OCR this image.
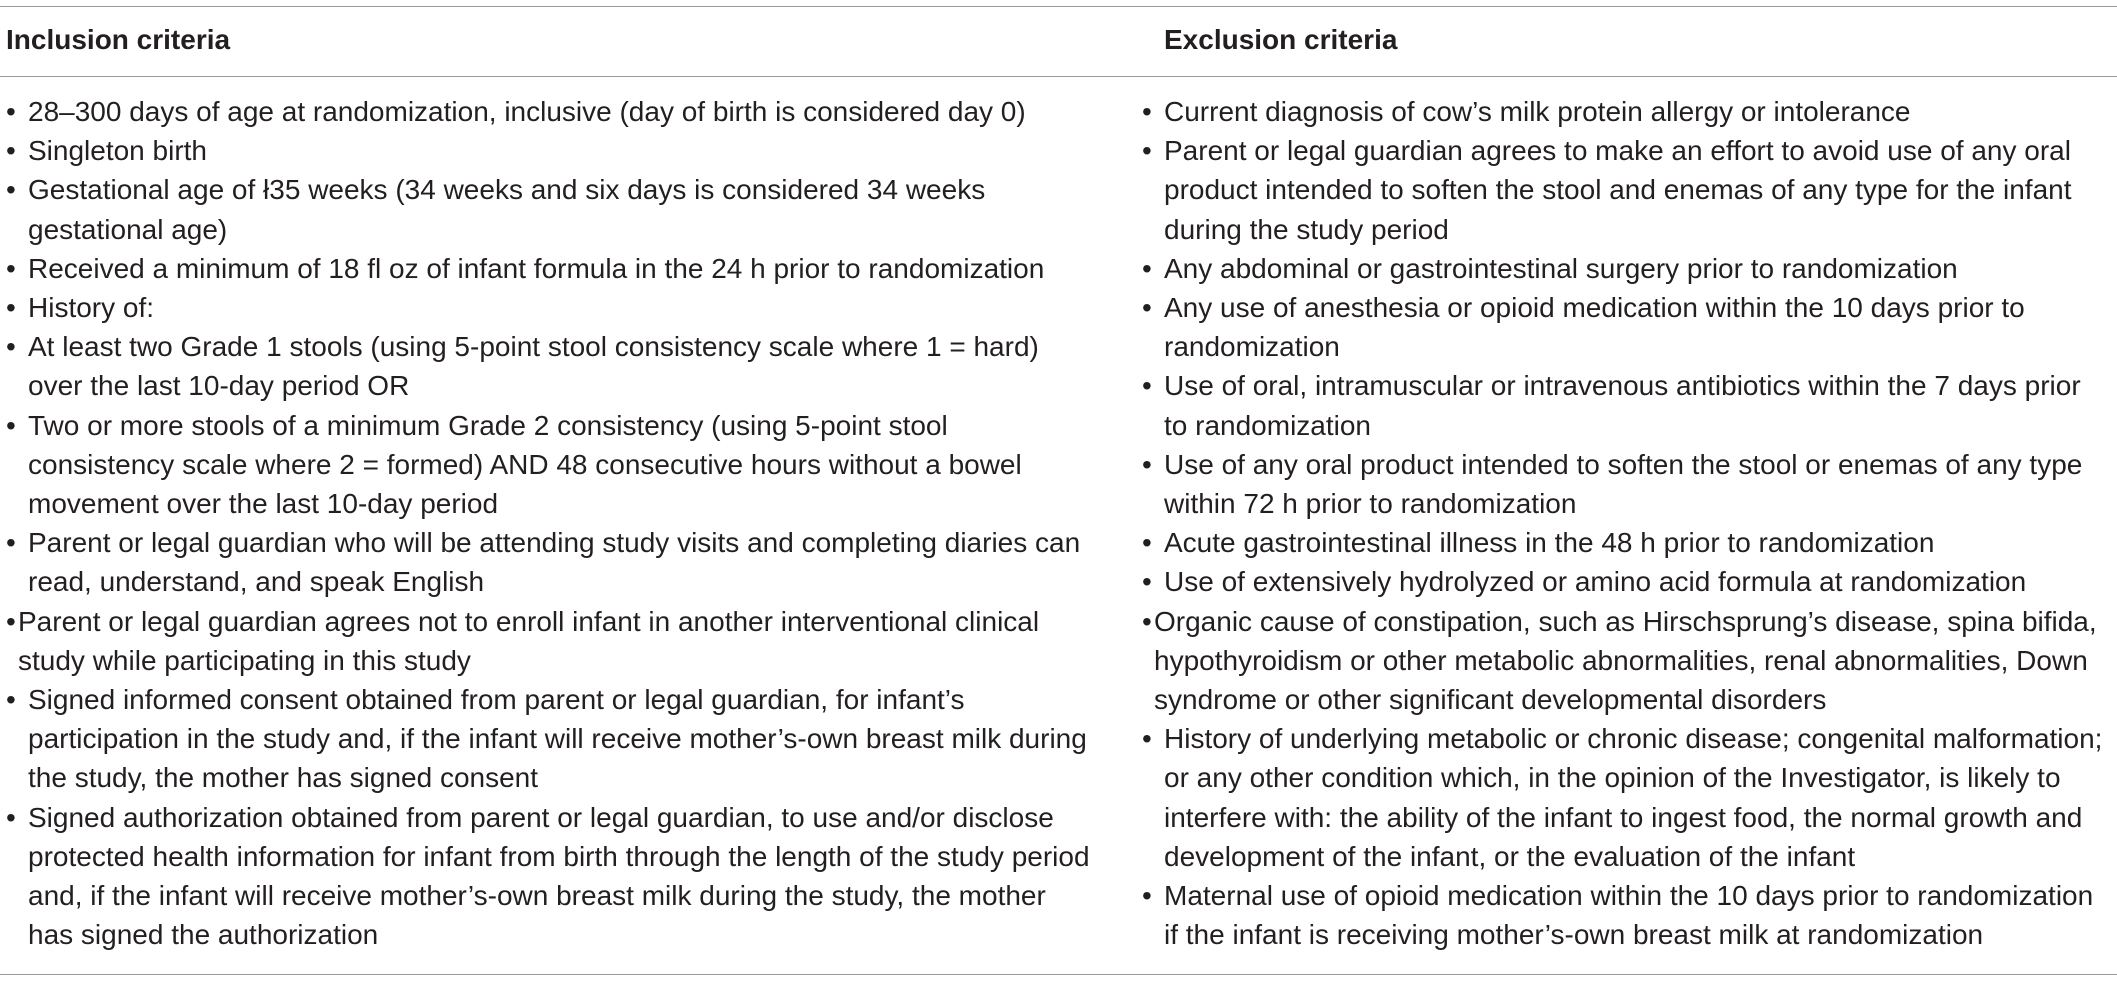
Inclusion criteria	Exclusion criteria
• 28–300 days of age at randomization, inclusive (day of birth is considered day 0)
• Singleton birth
• Gestational age of ł35 weeks (34 weeks and six days is considered 34 weeks
gestational age)
• Received a minimum of 18 fl oz of infant formula in the 24 h prior to randomization
• History of:
• At least two Grade 1 stools (using 5-point stool consistency scale where 1 = hard)
over the last 10-day period OR
• Two or more stools of a minimum Grade 2 consistency (using 5-point stool
consistency scale where 2 = formed) AND 48 consecutive hours without a bowel
movement over the last 10-day period
• Parent or legal guardian who will be attending study visits and completing diaries can
read, understand, and speak English
• Parent or legal guardian agrees not to enroll infant in another interventional clinical
study while participating in this study
• Signed informed consent obtained from parent or legal guardian, for infant’s
participation in the study and, if the infant will receive mother’s-own breast milk during
the study, the mother has signed consent
• Signed authorization obtained from parent or legal guardian, to use and/or disclose
protected health information for infant from birth through the length of the study period
and, if the infant will receive mother’s-own breast milk during the study, the mother
has signed the authorization
• Current diagnosis of cow’s milk protein allergy or intolerance
• Parent or legal guardian agrees to make an effort to avoid use of any oral
product intended to soften the stool and enemas of any type for the infant
during the study period
• Any abdominal or gastrointestinal surgery prior to randomization
• Any use of anesthesia or opioid medication within the 10 days prior to
randomization
• Use of oral, intramuscular or intravenous antibiotics within the 7 days prior
to randomization
• Use of any oral product intended to soften the stool or enemas of any type
within 72 h prior to randomization
• Acute gastrointestinal illness in the 48 h prior to randomization
• Use of extensively hydrolyzed or amino acid formula at randomization
• Organic cause of constipation, such as Hirschsprung’s disease, spina bifida,
hypothyroidism or other metabolic abnormalities, renal abnormalities, Down
syndrome or other significant developmental disorders
• History of underlying metabolic or chronic disease; congenital malformation;
or any other condition which, in the opinion of the Investigator, is likely to
interfere with: the ability of the infant to ingest food, the normal growth and
development of the infant, or the evaluation of the infant
• Maternal use of opioid medication within the 10 days prior to randomization
if the infant is receiving mother’s-own breast milk at randomization
